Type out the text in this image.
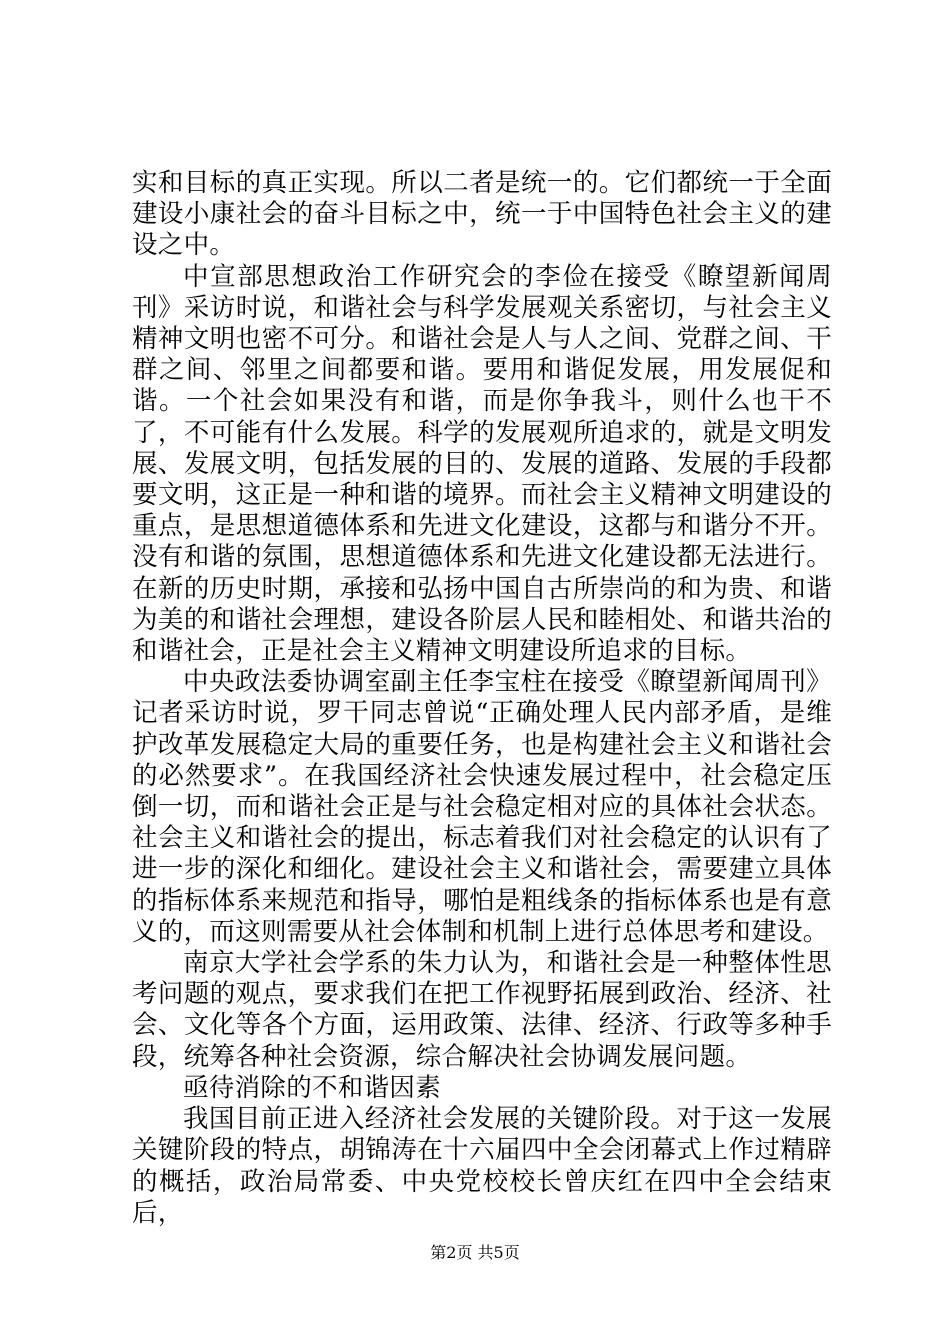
实和目标的真正实现。所以二者是统一的。它们都统一于全面建设小康社会的奋斗目标之中，统一于中国特色社会主义的建设之中。

中宣部思想政治工作研究会的李俭在接受《瞭望新闻周刊》采访时说，和谐社会与科学发展观关系密切，与社会主义精神文明也密不可分。和谐社会是人与人之间、党群之间、干群之间、邻里之间都要和谐。要用和谐促发展，用发展促和谐。一个社会如果没有和谐，而是你争我斗，则什么也干不了，不可能有什么发展。科学的发展观所追求的，就是文明发展、发展文明，包括发展的目的、发展的道路、发展的手段都要文明，这正是一种和谐的境界。而社会主义精神文明建设的重点，是思想道德体系和先进文化建设，这都与和谐分不开。没有和谐的氛围，思想道德体系和先进文化建设都无法进行。在新的历史时期，承接和弘扬中国自古所崇尚的和为贵、和谐为美的和谐社会理想，建设各阶层人民和睦相处、和谐共治的和谐社会，正是社会主义精神文明建设所追求的目标。

中央政法委协调室副主任李宝柱在接受《瞭望新闻周刊》记者采访时说，罗干同志曾说“正确处理人民内部矛盾，是维护改革发展稳定大局的重要任务，也是构建社会主义和谐社会的必然要求”。在我国经济社会快速发展过程中，社会稳定压倒一切，而和谐社会正是与社会稳定相对应的具体社会状态。社会主义和谐社会的提出，标志着我们对社会稳定的认识有了进一步的深化和细化。建设社会主义和谐社会，需要建立具体的指标体系来规范和指导，哪怕是粗线条的指标体系也是有意义的，而这则需要从社会体制和机制上进行总体思考和建设。

南京大学社会学系的朱力认为，和谐社会是一种整体性思考问题的观点，要求我们在把工作视野拓展到政治、经济、社会、文化等各个方面，运用政策、法律、经济、行政等多种手段，统筹各种社会资源，综合解决社会协调发展问题。

亟待消除的不和谐因素

我国目前正进入经济社会发展的关键阶段。对于这一发展关键阶段的特点，胡锦涛在十六届四中全会闭幕式上作过精辟的概括，政治局常委、中央党校校长曾庆红在四中全会结束后，

第2页 共5页
